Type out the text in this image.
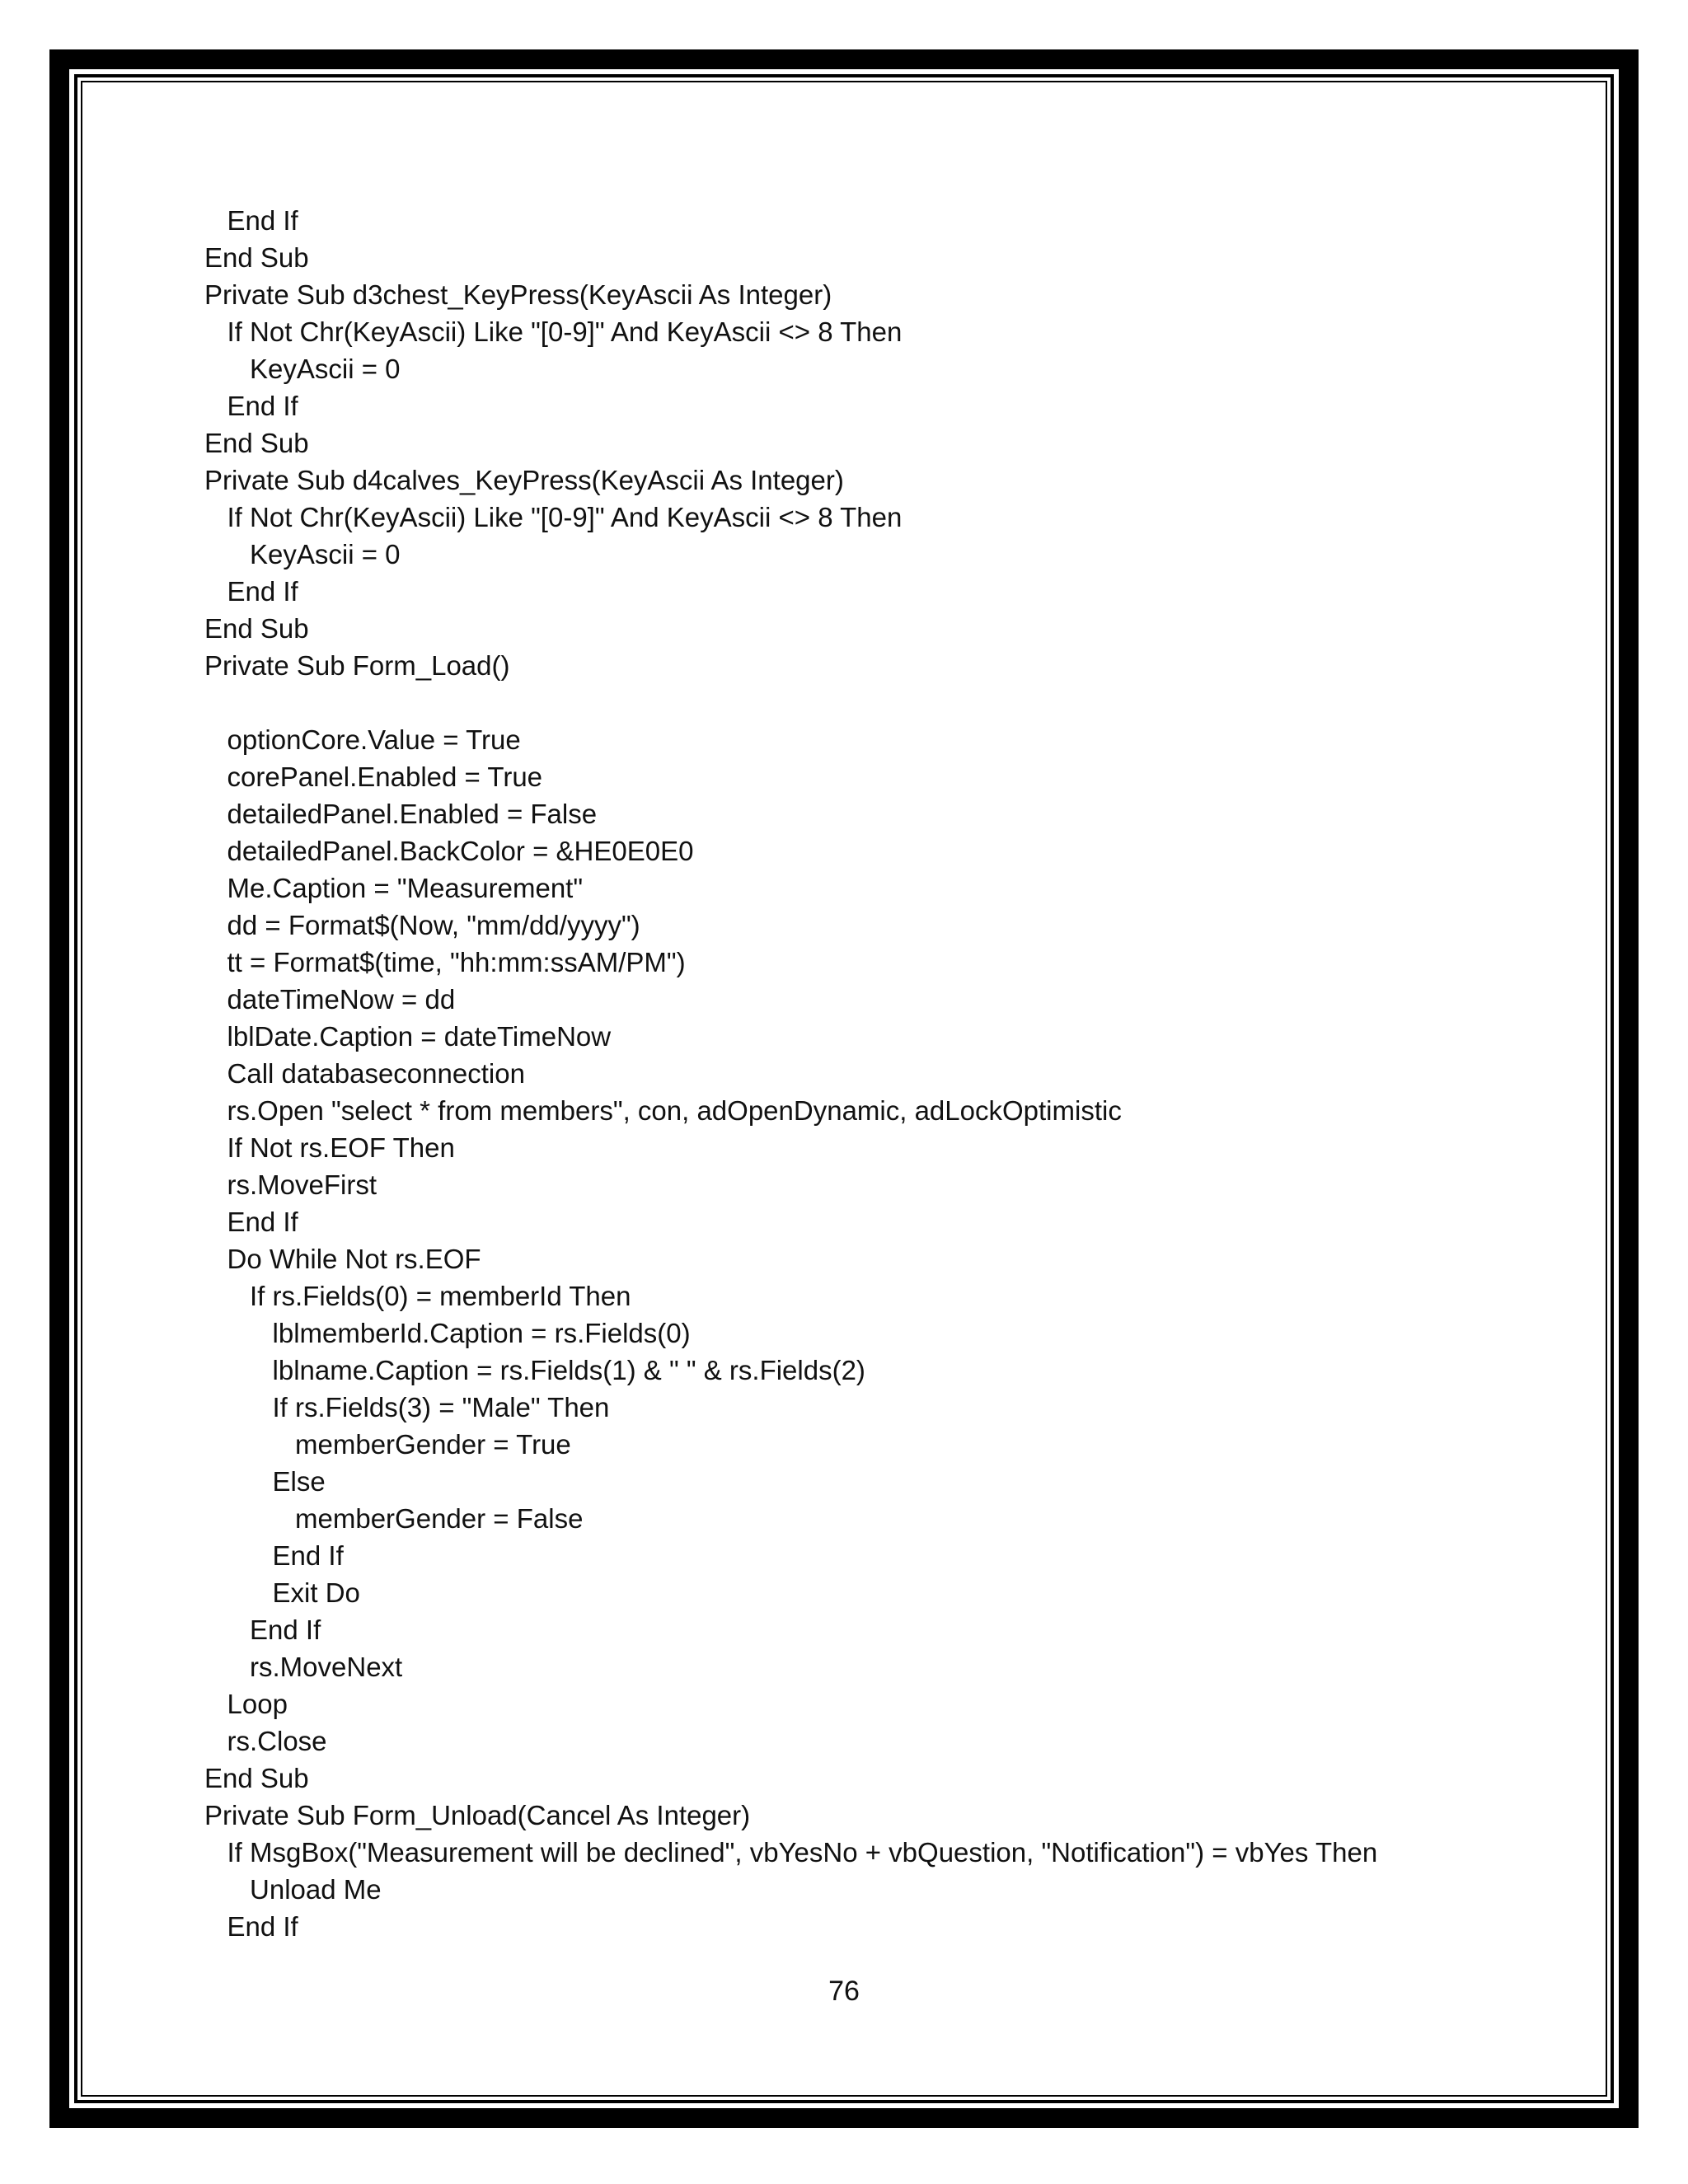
End If
End Sub
Private Sub d3chest_KeyPress(KeyAscii As Integer)
If Not Chr(KeyAscii) Like "[0-9]" And KeyAscii <> 8 Then
KeyAscii = 0
End If
End Sub
Private Sub d4calves_KeyPress(KeyAscii As Integer)
If Not Chr(KeyAscii) Like "[0-9]" And KeyAscii <> 8 Then
KeyAscii = 0
End If
End Sub
Private Sub Form_Load()
optionCore.Value = True
corePanel.Enabled = True
detailedPanel.Enabled = False
detailedPanel.BackColor = &HE0E0E0
Me.Caption = "Measurement"
dd = Format$(Now, "mm/dd/yyyy")
tt = Format$(time, "hh:mm:ssAM/PM")
dateTimeNow = dd
lblDate.Caption = dateTimeNow
Call databaseconnection
rs.Open "select * from members", con, adOpenDynamic, adLockOptimistic
If Not rs.EOF Then
rs.MoveFirst
End If
Do While Not rs.EOF
If rs.Fields(0) = memberId Then
lblmemberId.Caption = rs.Fields(0)
lblname.Caption = rs.Fields(1) & " " & rs.Fields(2)
If rs.Fields(3) = "Male" Then
memberGender = True
Else
memberGender = False
End If
Exit Do
End If
rs.MoveNext
Loop
rs.Close
End Sub
Private Sub Form_Unload(Cancel As Integer)
If MsgBox("Measurement will be declined", vbYesNo + vbQuestion, "Notification") = vbYes Then
Unload Me
End If
76
